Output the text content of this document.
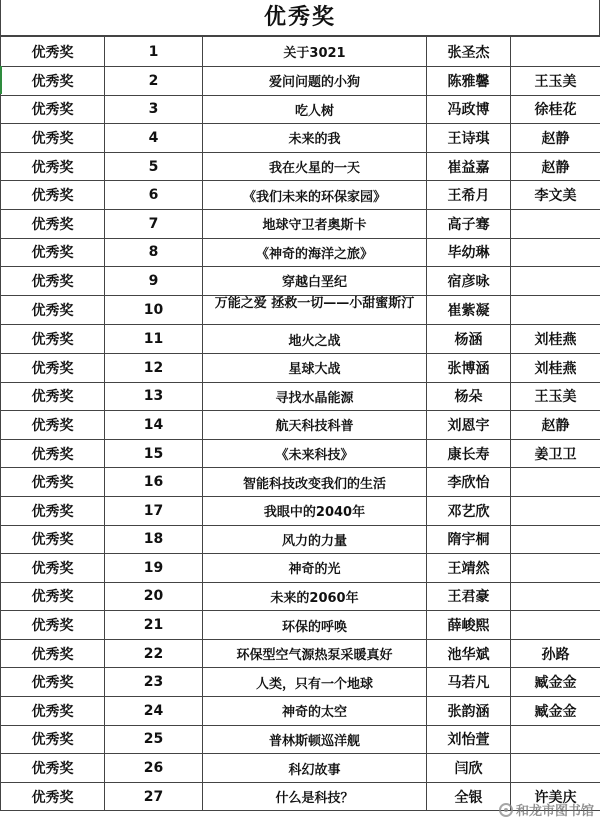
优秀奖
优秀奖	1	关于3021	张圣杰	
优秀奖	2	爱问问题的小狗	陈雅馨	王玉美
优秀奖	3	吃人树	冯政博	徐桂花
优秀奖	4	未来的我	王诗琪	赵静
优秀奖	5	我在火星的一天	崔益嘉	赵静
优秀奖	6	《我们未来的环保家园》	王希月	李文美
优秀奖	7	地球守卫者奥斯卡	高子骞	
优秀奖	8	《神奇的海洋之旅》	毕幼琳	
优秀奖	9	穿越白垩纪	宿彦咏	
优秀奖	10	万能之爱 拯救一切——小甜蜜斯汀	崔紫凝	
优秀奖	11	地火之战	杨涵	刘桂燕
优秀奖	12	星球大战	张博涵	刘桂燕
优秀奖	13	寻找水晶能源	杨朵	王玉美
优秀奖	14	航天科技科普	刘恩宇	赵静
优秀奖	15	《未来科技》	康长寿	姜卫卫
优秀奖	16	智能科技改变我们的生活	李欣怡	
优秀奖	17	我眼中的2040年	邓艺欣	
优秀奖	18	风力的力量	隋宇桐	
优秀奖	19	神奇的光	王靖然	
优秀奖	20	未来的2060年	王君豪	
优秀奖	21	环保的呼唤	薛峻熙	
优秀奖	22	环保型空气源热泵采暖真好	池华斌	孙路
优秀奖	23	人类，只有一个地球	马若凡	臧金金
优秀奖	24	神奇的太空	张韵涵	臧金金
优秀奖	25	普林斯顿巡洋舰	刘怡萱	
优秀奖	26	科幻故事	闫欣	
优秀奖	27	什么是科技？	全银	许美庆
和龙市图书馆
